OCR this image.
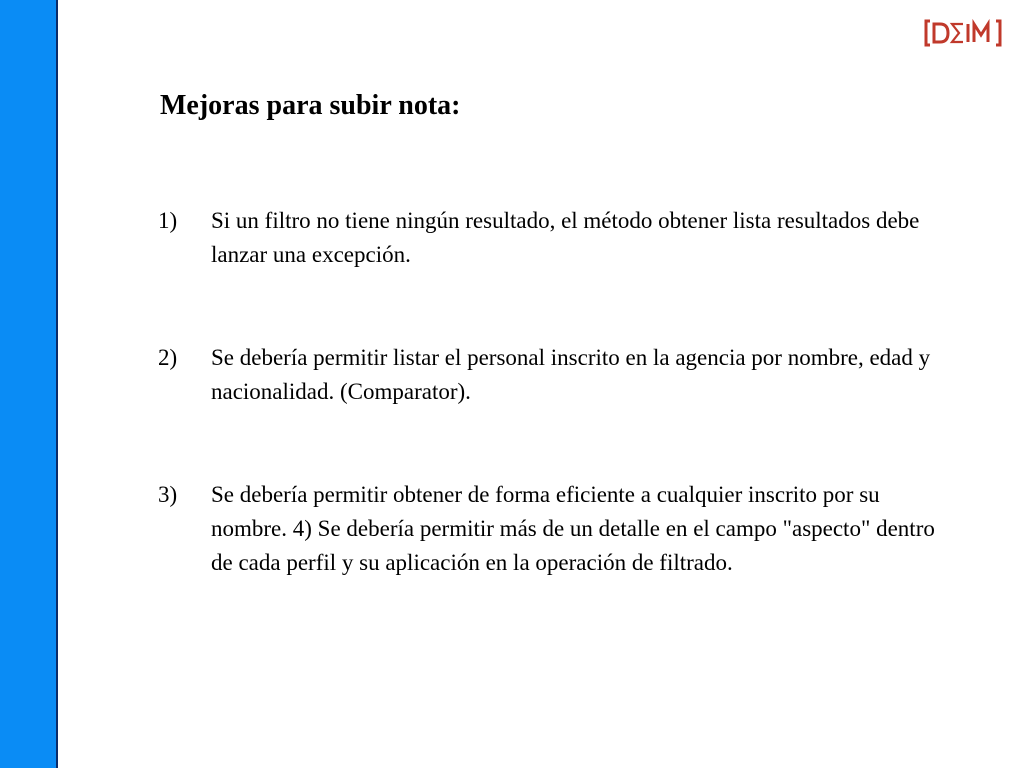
Mejoras para subir nota:
1) Si un filtro no tiene ningún resultado, el método obtener lista resultados debe lanzar una excepción.
2) Se debería permitir listar el personal inscrito en la agencia por nombre, edad y nacionalidad. (Comparator).
3) Se debería permitir obtener de forma eficiente a cualquier inscrito por su nombre. 4) Se debería permitir más de un detalle en el campo "aspecto" dentro de cada perfil y su aplicación en la operación de filtrado.
